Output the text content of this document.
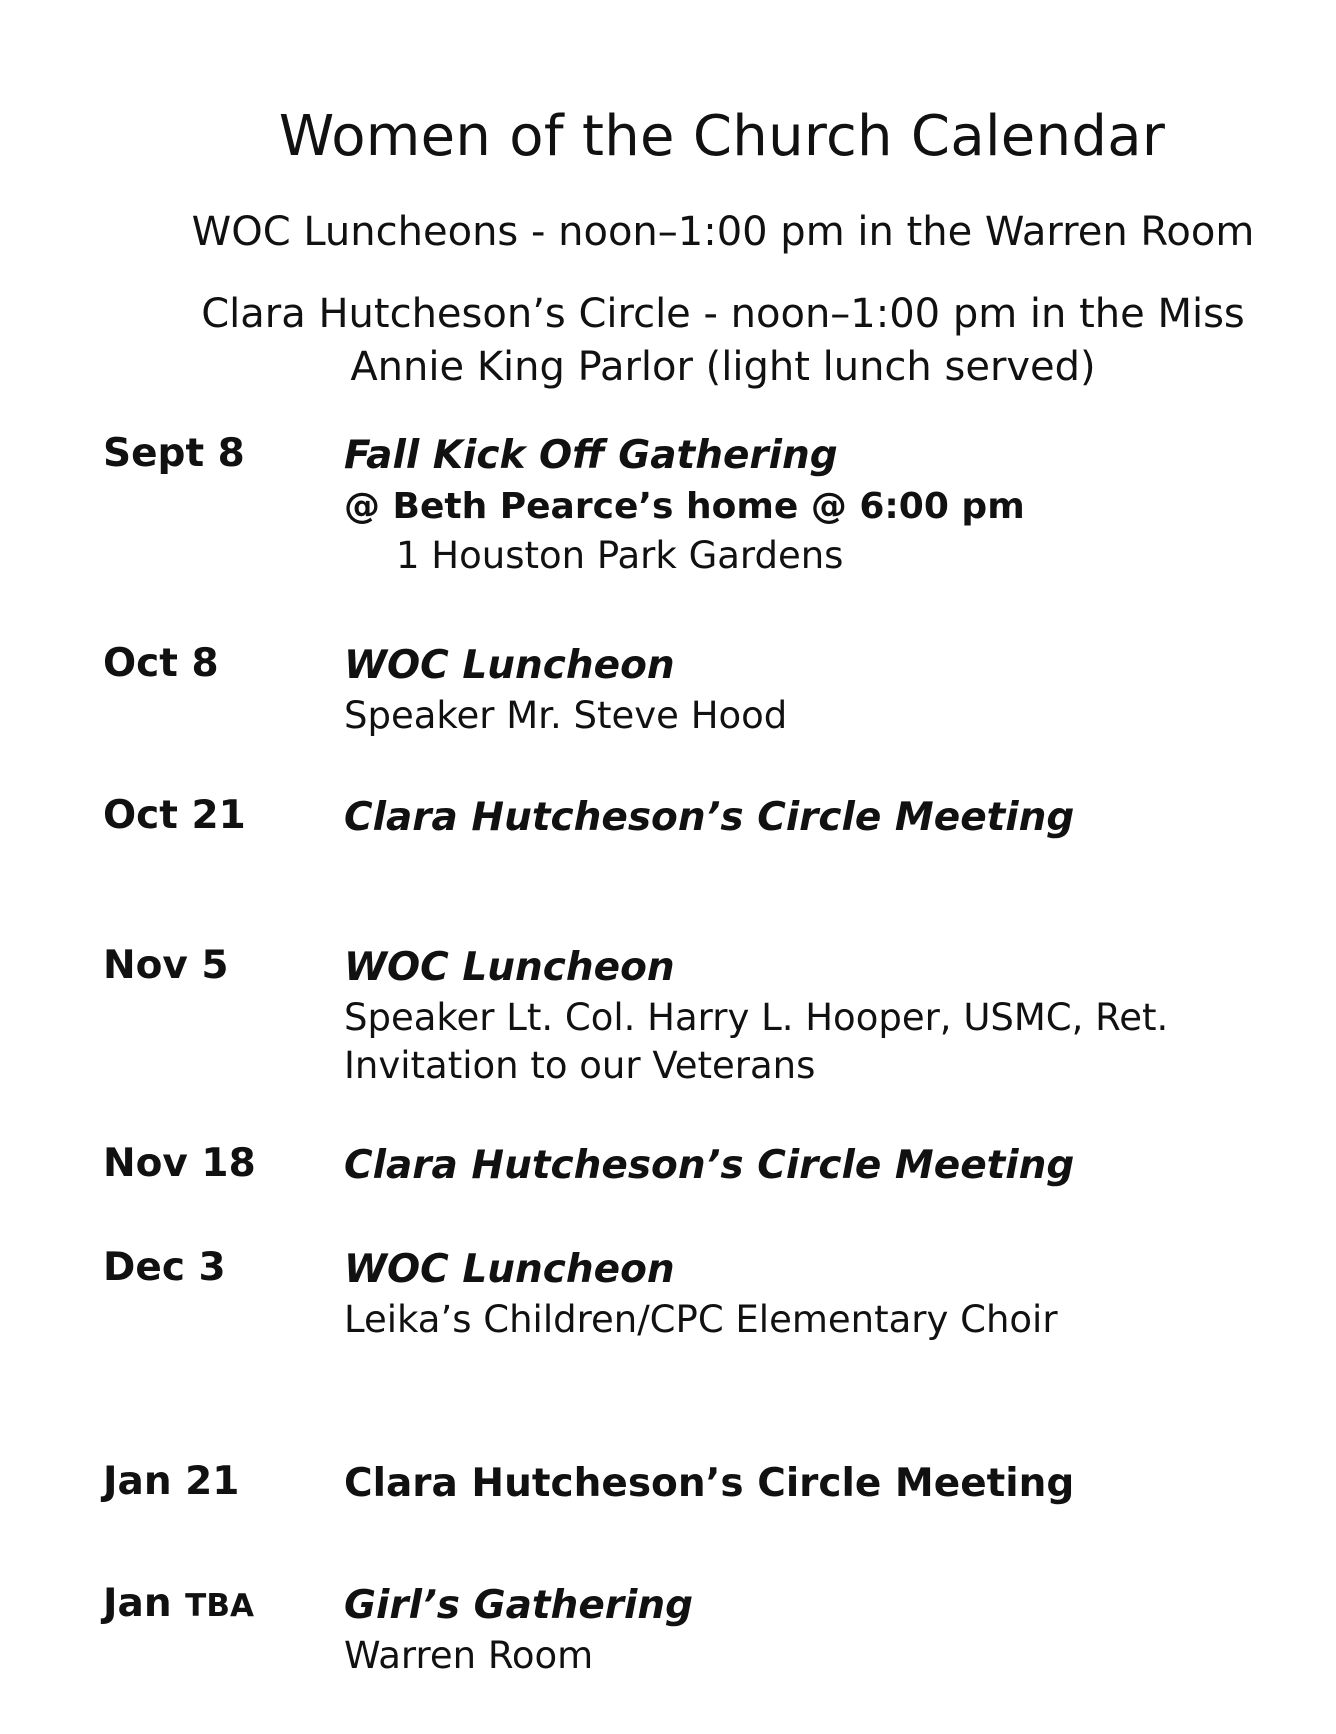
Women of the Church Calendar
WOC Luncheons - noon–1:00 pm in the Warren Room
Clara Hutcheson’s Circle - noon–1:00 pm in the Miss
Annie King Parlor (light lunch served)
Sept 8	Fall Kick Off Gathering
@ Beth Pearce’s home @ 6:00 pm
1 Houston Park Gardens
Oct 8	WOC Luncheon
Speaker Mr. Steve Hood
Oct 21	Clara Hutcheson’s Circle Meeting
Nov 5	WOC Luncheon
Speaker Lt. Col. Harry L. Hooper, USMC, Ret.
Invitation to our Veterans
Nov 18 Clara Hutcheson’s Circle Meeting
Dec 3	WOC Luncheon
Leika’s Children/CPC Elementary Choir
Jan 21	Clara Hutcheson’s Circle Meeting
Jan TBA Girl’s Gathering
Warren Room
